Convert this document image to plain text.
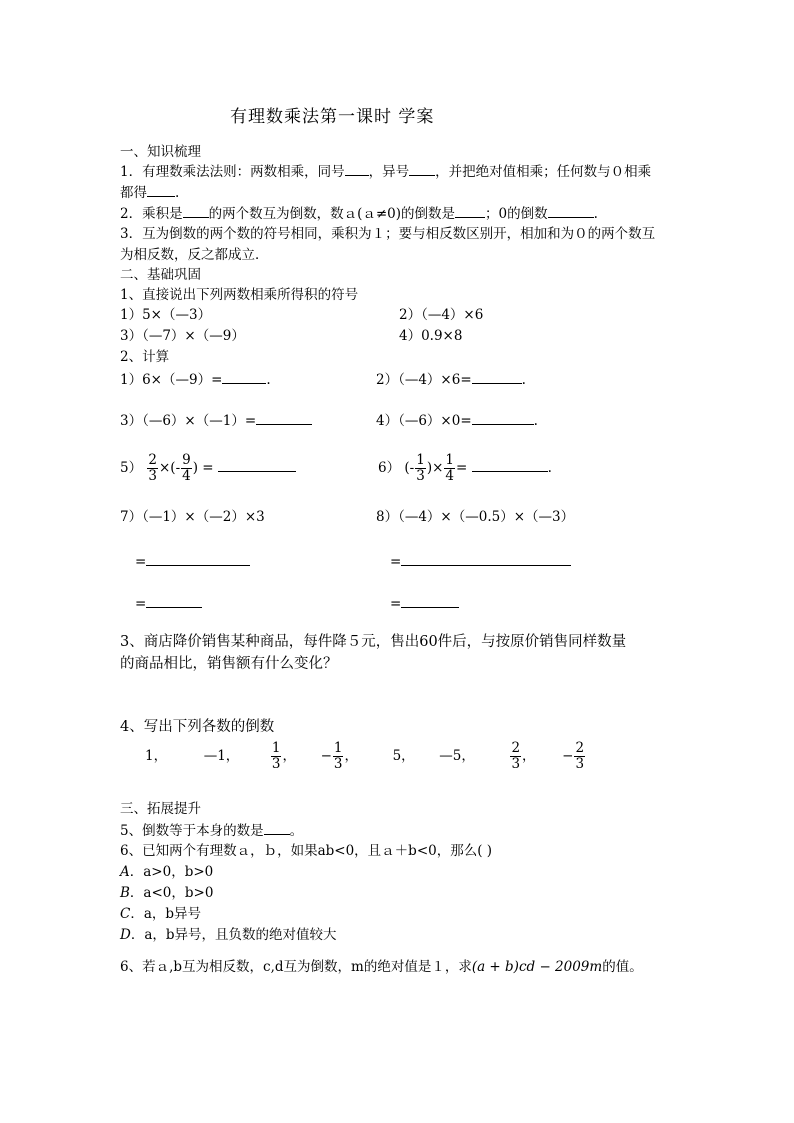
有理数乘法第一课时 学案
一、知识梳理
1．有理数乘法法则：两数相乘，同号 ，异号 ，并把绝对值相乘；任何数与０相乘
都得 .
2．乘积是 的两个数互为倒数，数ａ(ａ≠0)的倒数是 ；0的倒数	.
3．互为倒数的两个数的符号相同，乘积为１；要与相反数区别开，相加和为０的两个数互
为相反数，反之都成立．
二、基础巩固
1、直接说出下列两数相乘所得积的符号
1）5×（—3）	2）（—4）×6
3）（—7）×（—9）	4）0.9×8
2、计算
1）6×（—9）=	.	2）（—4）×6=	.
3）（—6）×（—1）=	4）（—6）×0=	.
$5) \frac{2}{3}$ ×(- $\frac{9}{4}$ ) =	6） (- $\frac{1}{3}$ )× $\frac{1}{4}$ =	.
7）（—1）×（—2）×3	8）（—4）×（—0.5）×（—3）
=	=
=	=
3、商店降价销售某种商品，每件降５元，售出60件后，与按原价销售同样数量
的商品相比，销售额有什么变化？
4、写出下列各数的倒数
1，	—1， $\frac{1}{3}$ ， − $\frac{1}{3}$ ，	5， —5，	$\frac{2}{3}$ ， − $\frac{2}{3}$
三、拓展提升
5、倒数等于本身的数是 。
6、已知两个有理数ａ，ｂ，如果ab<0，且ａ＋b<0，那么( )
A．a>0，b>0
B．a<0，b>0
C．a，b异号
D．a，b异号，且负数的绝对值较大
6、若ａ,b互为相反数，c,d互为倒数，m的绝对值是１，求(a + b)cd − 2009m的值。
